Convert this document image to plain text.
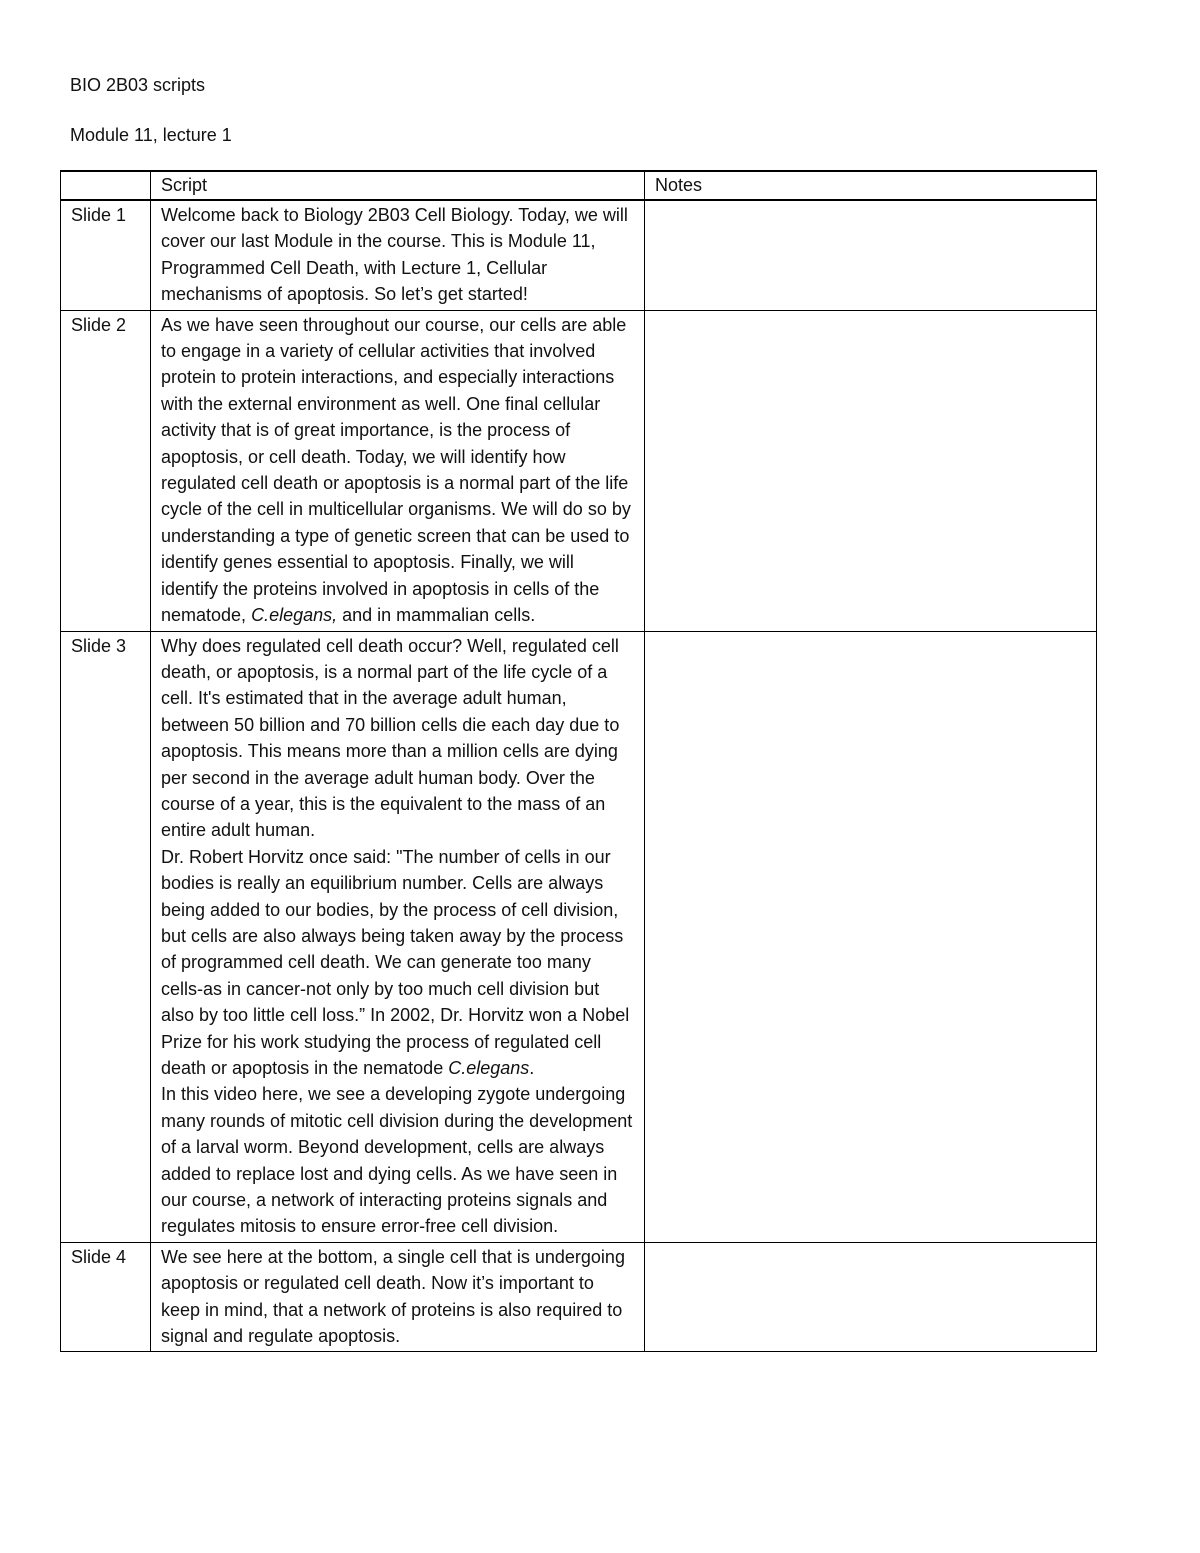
BIO 2B03 scripts
Module 11, lecture 1
	Script	Notes
Slide 1	Welcome back to Biology 2B03 Cell Biology. Today, we will cover our last Module in the course. This is Module 11, Programmed Cell Death, with Lecture 1, Cellular mechanisms of apoptosis. So let’s get started!	

Slide 2	As we have seen throughout our course, our cells are able to engage in a variety of cellular activities that involved protein to protein interactions, and especially interactions with the external environment as well. One final cellular activity that is of great importance, is the process of apoptosis, or cell death. Today, we will identify how regulated cell death or apoptosis is a normal part of the life cycle of the cell in multicellular organisms. We will do so by understanding a type of genetic screen that can be used to identify genes essential to apoptosis. Finally, we will identify the proteins involved in apoptosis in cells of the nematode, C.elegans, and in mammalian cells.	

Slide 3	Why does regulated cell death occur? Well, regulated cell death, or apoptosis, is a normal part of the life cycle of a cell. It's estimated that in the average adult human, between 50 billion and 70 billion cells die each day due to apoptosis. This means more than a million cells are dying per second in the average adult human body. Over the course of a year, this is the equivalent to the mass of an entire adult human.
Dr. Robert Horvitz once said: "The number of cells in our bodies is really an equilibrium number. Cells are always being added to our bodies, by the process of cell division, but cells are also always being taken away by the process of programmed cell death. We can generate too many cells-as in cancer-not only by too much cell division but also by too little cell loss.” In 2002, Dr. Horvitz won a Nobel Prize for his work studying the process of regulated cell death or apoptosis in the nematode C.elegans.
In this video here, we see a developing zygote undergoing many rounds of mitotic cell division during the development of a larval worm. Beyond development, cells are always added to replace lost and dying cells. As we have seen in our course, a network of interacting proteins signals and regulates mitosis to ensure error-free cell division.	

Slide 4	We see here at the bottom, a single cell that is undergoing apoptosis or regulated cell death. Now it’s important to keep in mind, that a network of proteins is also required to signal and regulate apoptosis.	
